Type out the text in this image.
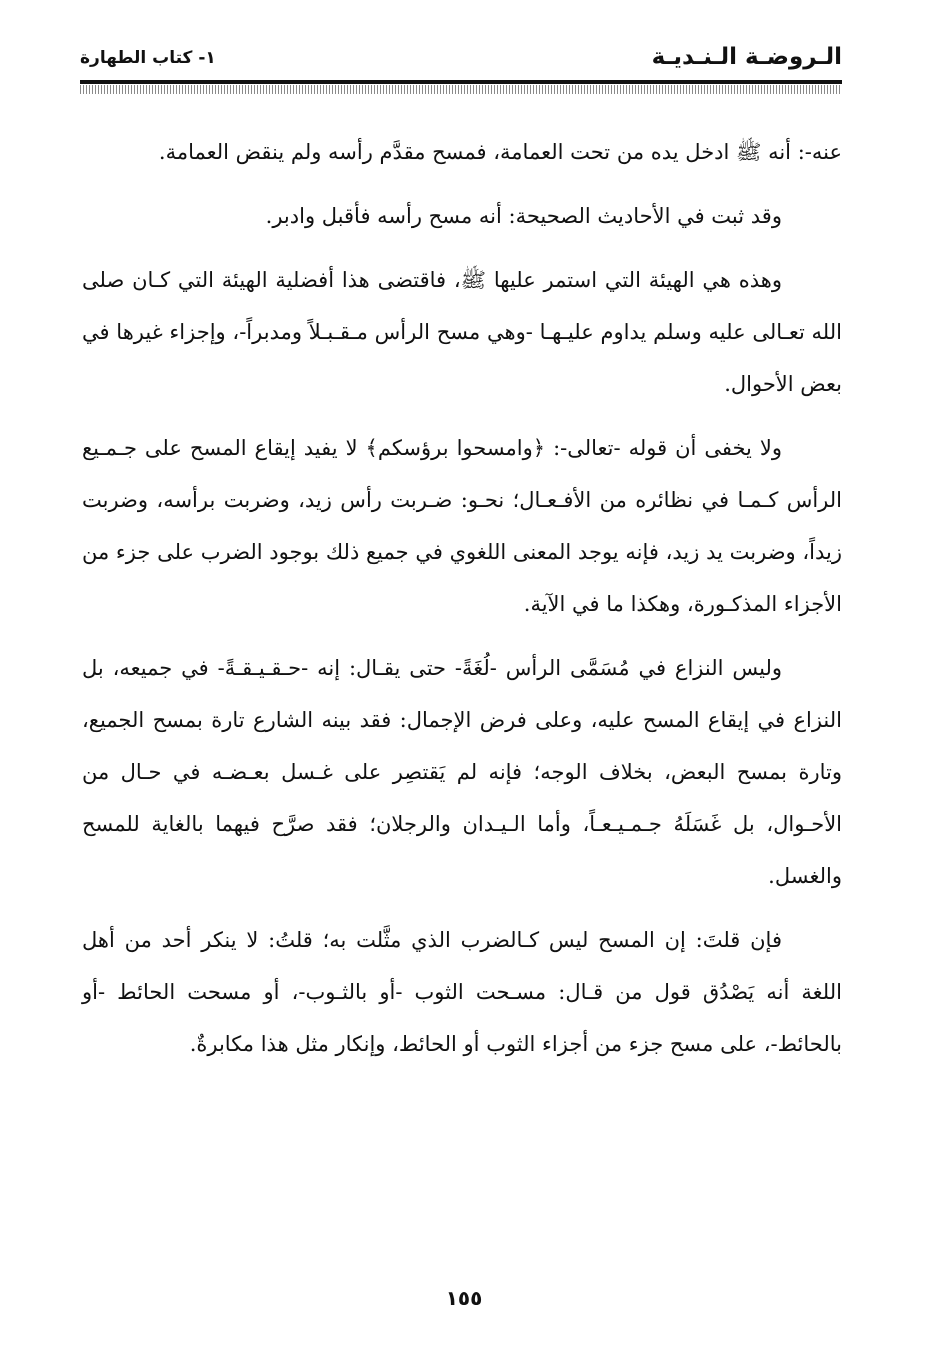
الـروضـة الـنـديـة
١- كتاب الطهارة

عنه-: أنه ﷺ ادخل يده من تحت العمامة، فمسح مقدَّم رأسه ولم ينقض العمامة.

وقد ثبت في الأحاديث الصحيحة: أنه مسح رأسه فأقبل وادبر.

وهذه هي الهيئة التي استمر عليها ﷺ، فاقتضى هذا أفضلية الهيئة التي كـان صلى الله تعـالى عليه وسلم يداوم عليـهـا -وهي مسح الرأس مـقـبـلاً ومدبراً-، وإجزاء غيرها في بعض الأحوال.

ولا يخفى أن قوله -تعالى-: ﴿وامسحوا برؤسكم﴾ لا يفيد إيقاع المسح على جـمـيع الرأس كـمـا في نظائره من الأفـعـال؛ نحـو: ضـربت رأس زيد، وضربت برأسه، وضربت زيداً، وضربت يد زيد، فإنه يوجد المعنى اللغوي في جميع ذلك بوجود الضرب على جزء من الأجزاء المذكـورة، وهكذا ما في الآية.

وليس النزاع في مُسَمَّى الرأس -لُغَةً- حتى يقـال: إنه -حـقـيـقـةً- في جميعه، بل النزاع في إيقاع المسح عليه، وعلى فرض الإجمال: فقد بينه الشارع تارة بمسح الجميع، وتارة بمسح البعض، بخلاف الوجه؛ فإنه لم يَقتصِر على غـسل بعـضـه في حـال من الأحـوال، بل غَسَلَهُ جـمـيـعـاً، وأما الـيـدان والرجلان؛ فقد صرَّح فيهما بالغاية للمسح والغسل.

فإن قلتَ: إن المسح ليس كـالضرب الذي مثَّلت به؛ قلتُ: لا ينكر أحد من أهل اللغة أنه يَصْدُق قول من قـال: مسـحت الثوب -أو بالثـوب-، أو مسحت الحائط -أو بالحائط-، على مسح جزء من أجزاء الثوب أو الحائط، وإنكار مثل هذا مكابرةٌ.

١٥٥
